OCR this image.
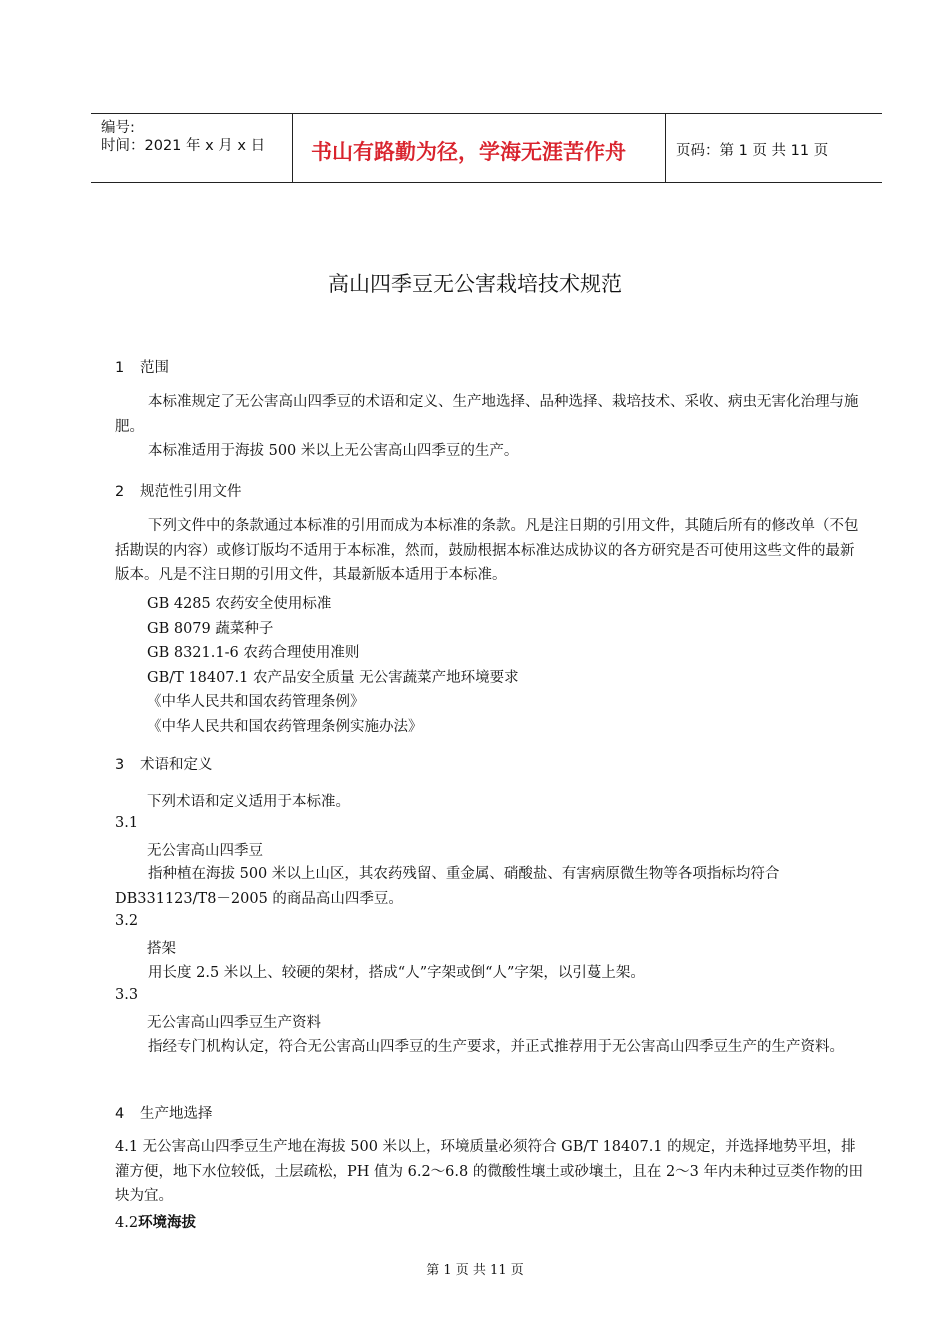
编号:
时间：2021 年 x 月 x 日 书山有路勤为径，学海无涯苦作舟	页码：第 1 页 共 11 页
高山四季豆无公害栽培技术规范
1 范围
本标准规定了无公害高山四季豆的术语和定义、生产地选择、品种选择、栽培技术、采收、病虫无害化治理与施肥。
本标准适用于海拔 500 米以上无公害高山四季豆的生产。
2 规范性引用文件
下列文件中的条款通过本标准的引用而成为本标准的条款。凡是注日期的引用文件，其随后所有的修改单（不包括勘误的内容）或修订版均不适用于本标准，然而，鼓励根据本标准达成协议的各方研究是否可使用这些文件的最新版本。凡是不注日期的引用文件，其最新版本适用于本标准。
GB 4285 农药安全使用标准
GB 8079 蔬菜种子
GB 8321.1-6 农药合理使用准则
GB/T 18407.1 农产品安全质量 无公害蔬菜产地环境要求
《中华人民共和国农药管理条例》
《中华人民共和国农药管理条例实施办法》
3 术语和定义
下列术语和定义适用于本标准。
3.1
无公害高山四季豆
指种植在海拔 500 米以上山区，其农药残留、重金属、硝酸盐、有害病原微生物等各项指标均符合 DB331123/T8－2005 的商品高山四季豆。
3.2
搭架
用长度 2.5 米以上、较硬的架材，搭成“人”字架或倒“人”字架，以引蔓上架。
3.3
无公害高山四季豆生产资料
指经专门机构认定，符合无公害高山四季豆的生产要求，并正式推荐用于无公害高山四季豆生产的生产资料。
4 生产地选择
4.1 无公害高山四季豆生产地在海拔 500 米以上，环境质量必须符合 GB/T 18407.1 的规定，并选择地势平坦，排灌方便，地下水位较低，土层疏松，PH 值为 6.2～6.8 的微酸性壤土或砂壤土，且在 2～3 年内未种过豆类作物的田块为宜。
4.2环境海拔
第 1 页 共 11 页
